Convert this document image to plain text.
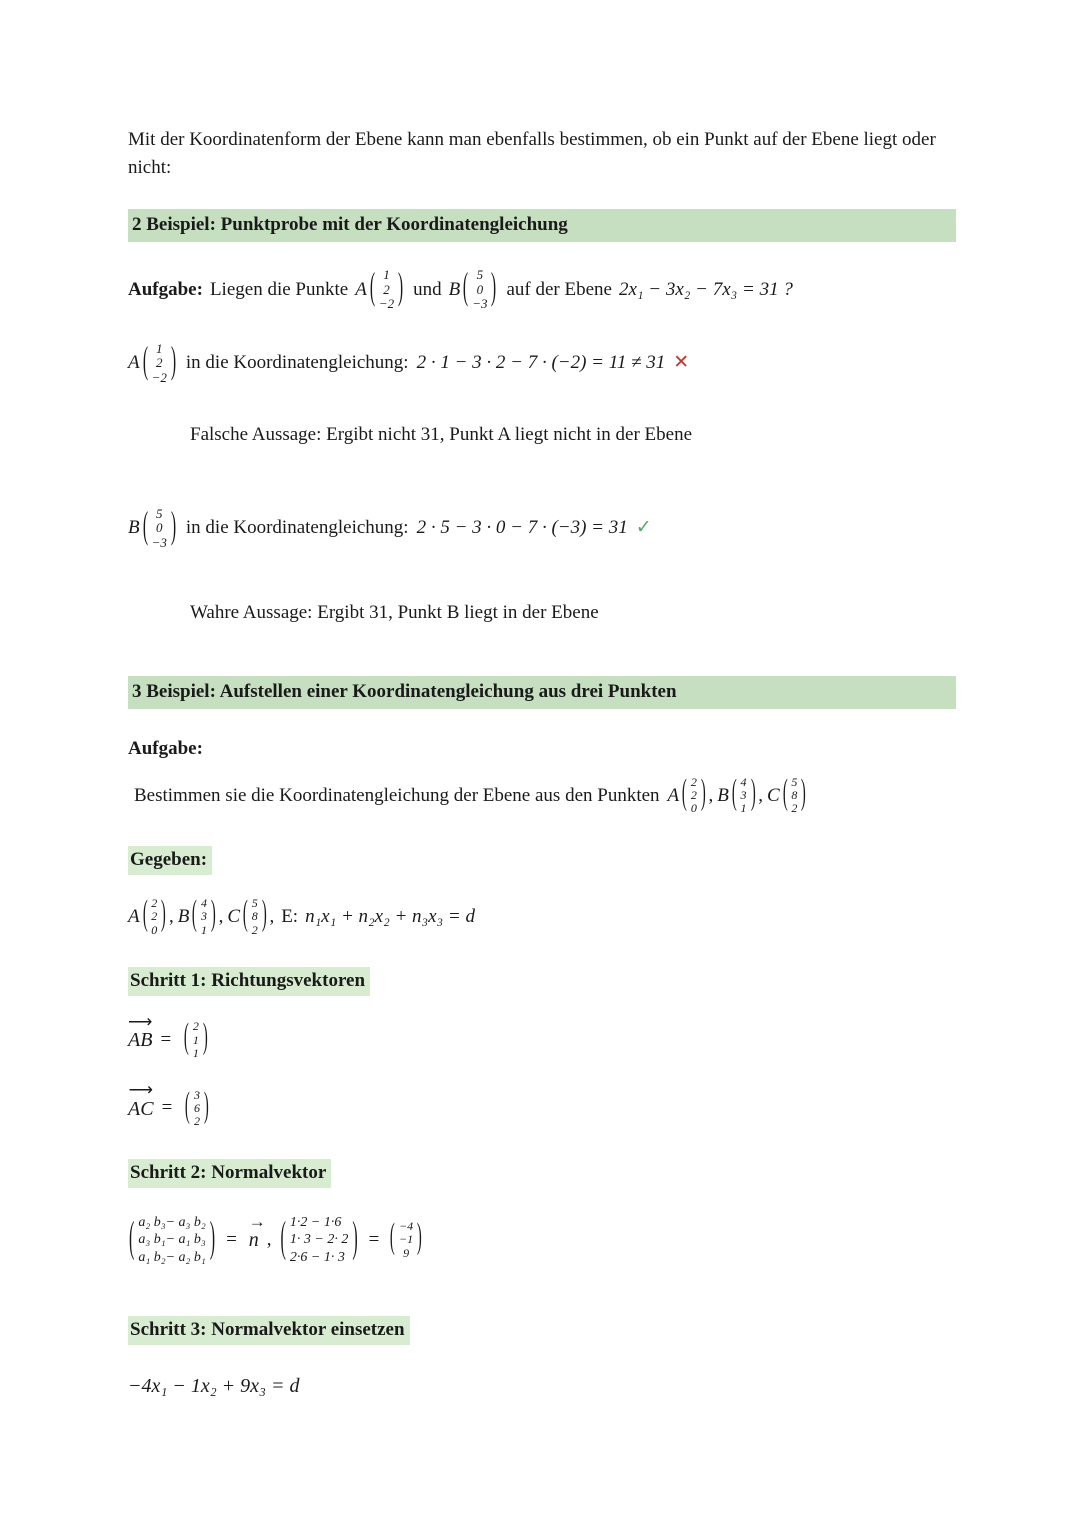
Mit der Koordinatenform der Ebene kann man ebenfalls bestimmen, ob ein Punkt auf der Ebene liegt oder nicht:

2 Beispiel: Punktprobe mit der Koordinatengleichung
Aufgabe: Liegen die Punkte A ( 1
2
−2 ) und B ( 5
0
−3 ) auf der Ebene 2x₁ − 3x₂ − 7x₃ = 31 ?
A ( 1
2
−2 ) in die Koordinatengleichung: 2 · 1 − 3 · 2 − 7 · (−2) = 11 ≠ 31 ✕
Falsche Aussage: Ergibt nicht 31, Punkt A liegt nicht in der Ebene
B ( 5
0
−3 ) in die Koordinatengleichung: 2 · 5 − 3 · 0 − 7 · (−3) = 31 ✓
Wahre Aussage: Ergibt 31, Punkt B liegt in der Ebene
3 Beispiel: Aufstellen einer Koordinatengleichung aus drei Punkten
Aufgabe:
Bestimmen sie die Koordinatengleichung der Ebene aus den Punkten A ( 2
2
0 ) , B ( 4
3
1 ) , C ( 5
8
2 )
Gegeben:
A ( 2
2
0 ) , B ( 4
3
1 ) , C ( 5
8
2 ) , E: n₁x₁ + n₂x₂ + n₃x₃ = d
Schritt 1: Richtungsvektoren
⟶
AB = ( 2
1
1 )
⟶
AC = ( 3
6
2 )
Schritt 2: Normalvektor
( a₂ b₃− a₃ b₂
a₃ b₁− a₁ b₃
a₁ b₂− a₂ b₁ ) =
→
n , ( 1·2 − 1·6
1· 3 − 2· 2
2·6 − 1· 3 ) = ( −4
−1
9 )
Schritt 3: Normalvektor einsetzen
−4x₁ − 1x₂ + 9x₃ = d
